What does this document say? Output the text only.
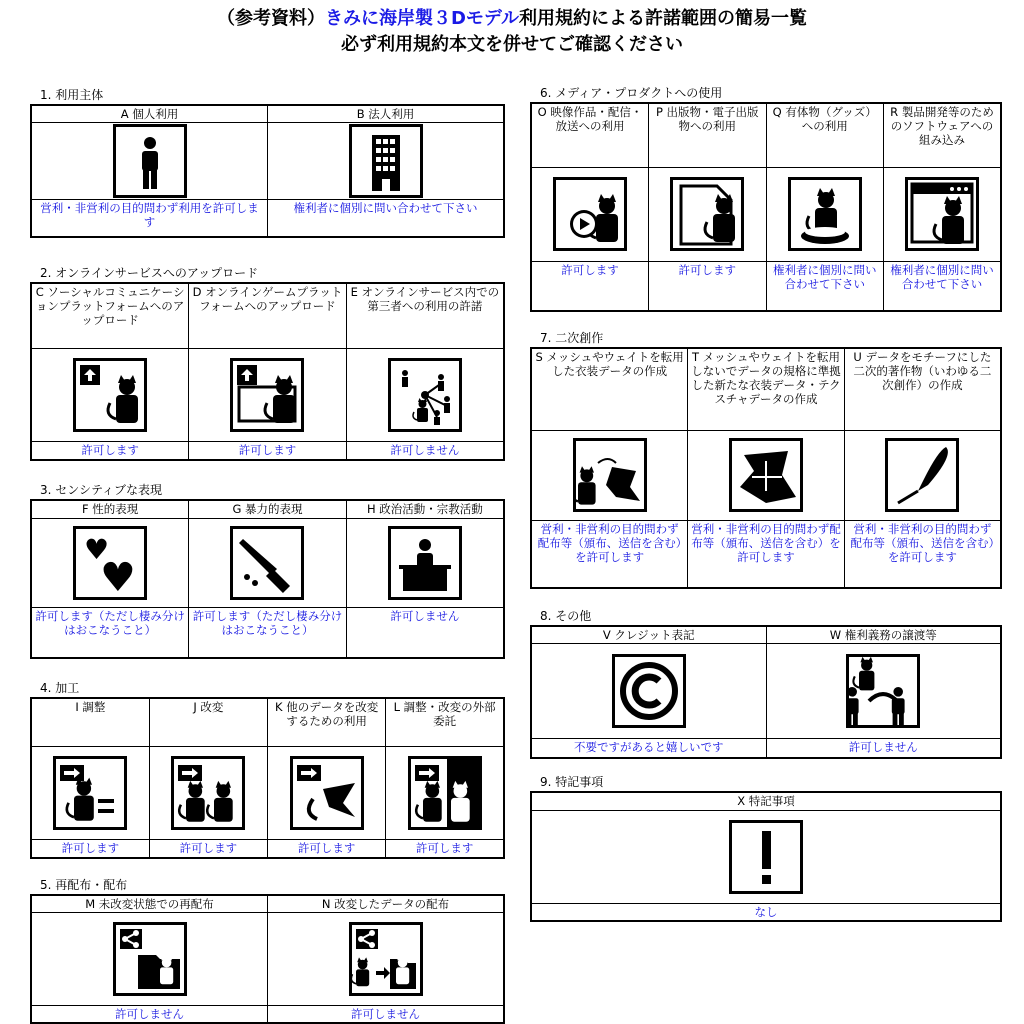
（参考資料）きみに海岸製３Dモデル利用規約による許諾範囲の簡易一覧
必ず利用規約本文を併せてご確認ください
1. 利用主体
A 個人利用	B 法人利用

営利・非営利の目的問わず利用を許可します	権利者に個別に問い合わせて下さい
2. オンラインサービスへのアップロード
C ソーシャルコミュニケーションプラットフォームへのアップロード	D オンラインゲームプラットフォームへのアップロード	E オンラインサービス内での第三者への利用の許諾

許可します	許可します	許可しません
3. センシティブな表現
F 性的表現	G 暴力的表現	H 政治活動・宗教活動

♥
♥

許可します（ただし棲み分けはおこなうこと）	許可します（ただし棲み分けはおこなうこと）	許可しません
4. 加工
I 調整	J 改変	K 他のデータを改変するための利用	L 調整・改変の外部委託

許可します	許可します	許可します	許可します
5. 再配布・配布
M 未改変状態での再配布	N 改変したデータの配布

許可しません	許可しません
6. メディア・プロダクトへの使用
O 映像作品・配信・放送への利用	P 出版物・電子出版物への利用	Q 有体物（グッズ）への利用	R 製品開発等のためのソフトウェアへの組み込み

許可します	許可します	権利者に個別に問い合わせて下さい	権利者に個別に問い合わせて下さい
7. 二次創作
S メッシュやウェイトを転用した衣装データの作成	T メッシュやウェイトを転用しないでデータの規格に準拠した新たな衣装データ・テクスチャデータの作成	U データをモチーフにした二次的著作物（いわゆる二次創作）の作成

営利・非営利の目的問わず配布等（頒布、送信を含む）を許可します	営利・非営利の目的問わず配布等（頒布、送信を含む）を許可します	営利・非営利の目的問わず配布等（頒布、送信を含む）を許可します
8. その他
V クレジット表記	W 権利義務の譲渡等

不要ですがあると嬉しいです	許可しません
9. 特記事項
X 特記事項

なし
